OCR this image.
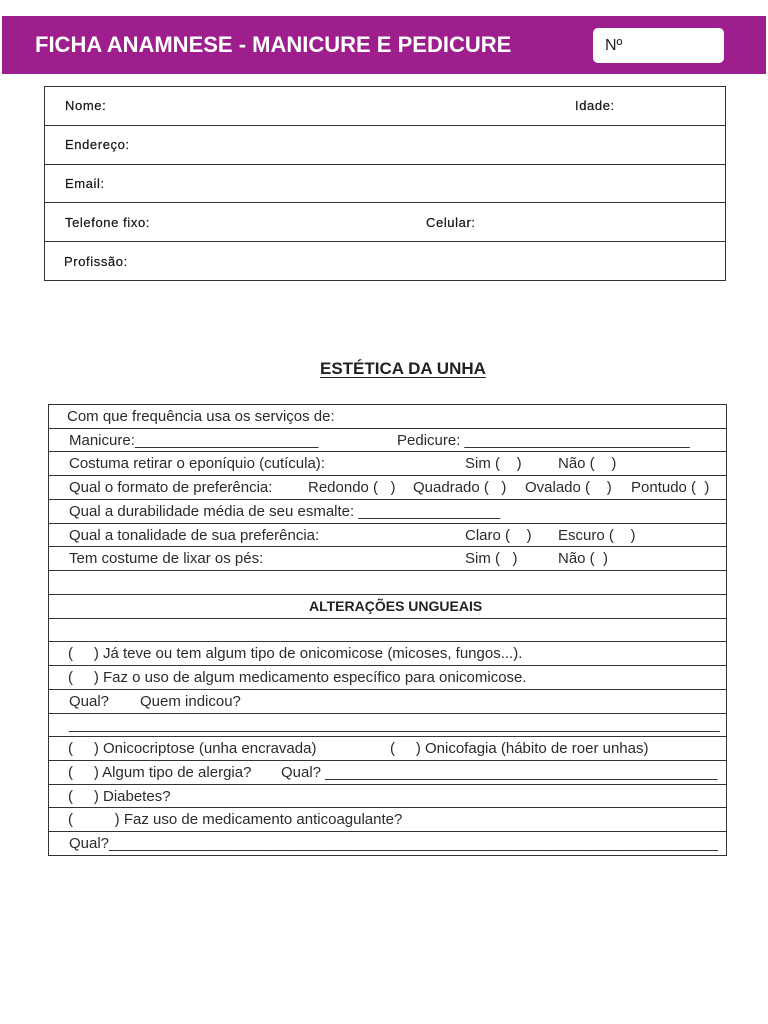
FICHA ANAMNESE - MANICURE E PEDICURE	Nº
Nome:	Idade:
Endereço:
Email:
Telefone fixo:	Celular:
Profissão:
ESTÉTICA DA UNHA
Com que frequência usa os serviços de:
Manicure:______________________	Pedicure: ___________________________
Costuma retirar o eponíquio (cutícula):	Sim (    ) Não (    )
Qual o formato de preferência: Redondo (   ) Quadrado (   ) Ovalado (    ) Pontudo (  )
Qual a durabilidade média de seu esmalte: _________________
Qual a tonalidade de sua preferência:	Claro (    ) Escuro (    )
Tem costume de lixar os pés:	Sim (   )	Não (  )
ALTERAÇÕES UNGUEAIS
(     ) Já teve ou tem algum tipo de onicomicose (micoses, fungos...).
(     ) Faz o uso de algum medicamento específico para onicomicose.
Qual? Quem indicou?
______________________________________________________________________________
(     ) Onicocriptose (unha encravada)	(     ) Onicofagia (hábito de roer unhas)
(     ) Algum tipo de alergia? Qual? _______________________________________________
(     ) Diabetes?
(          ) Faz uso de medicamento anticoagulante?
Qual?_________________________________________________________________________
